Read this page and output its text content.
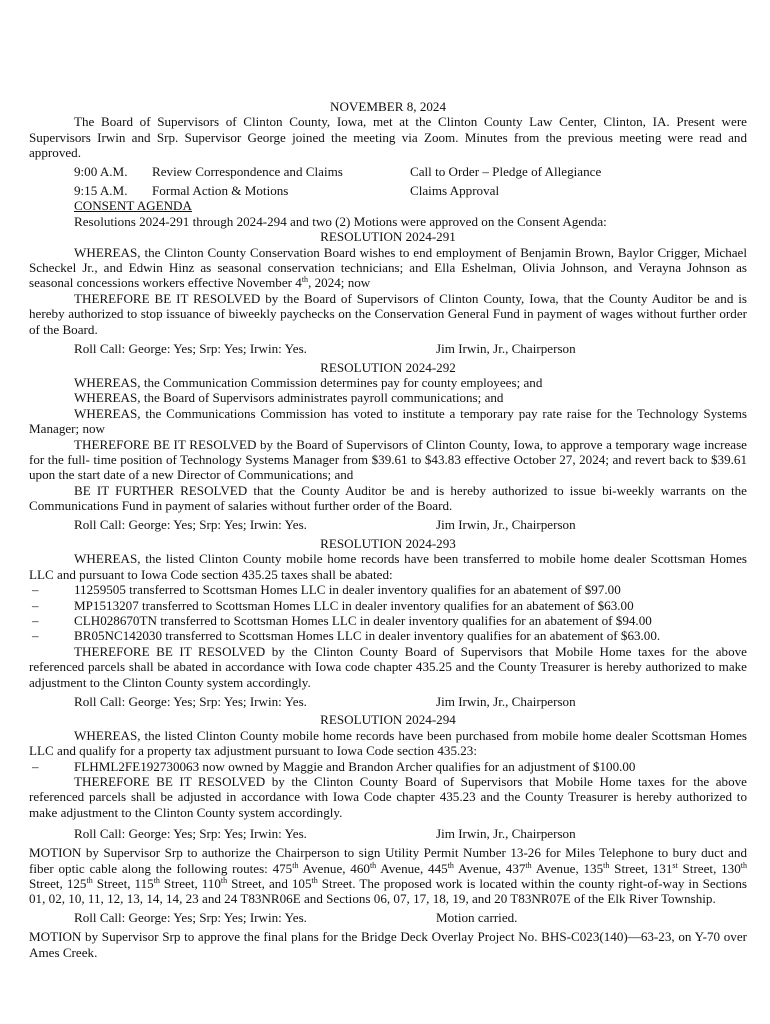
NOVEMBER 8, 2024

The Board of Supervisors of Clinton County, Iowa, met at the Clinton County Law Center, Clinton, IA. Present were Supervisors Irwin and Srp. Supervisor George joined the meeting via Zoom. Minutes from the previous meeting were read and approved.

9:00 A.M.	Review Correspondence and Claims	Call to Order – Pledge of Allegiance
9:15 A.M.	Formal Action & Motions	Claims Approval

CONSENT AGENDA

Resolutions 2024-291 through 2024-294 and two (2) Motions were approved on the Consent Agenda:

RESOLUTION 2024-291

WHEREAS, the Clinton County Conservation Board wishes to end employment of Benjamin Brown, Baylor Crigger, Michael Scheckel Jr., and Edwin Hinz as seasonal conservation technicians; and Ella Eshelman, Olivia Johnson, and Verayna Johnson as seasonal concessions workers effective November 4th, 2024; now

THEREFORE BE IT RESOLVED by the Board of Supervisors of Clinton County, Iowa, that the County Auditor be and is hereby authorized to stop issuance of biweekly paychecks on the Conservation General Fund in payment of wages without further order of the Board.

Roll Call: George: Yes; Srp: Yes; Irwin: Yes.	Jim Irwin, Jr., Chairperson

RESOLUTION 2024-292

WHEREAS, the Communication Commission determines pay for county employees; and

WHEREAS, the Board of Supervisors administrates payroll communications; and

WHEREAS, the Communications Commission has voted to institute a temporary pay rate raise for the Technology Systems Manager; now

THEREFORE BE IT RESOLVED by the Board of Supervisors of Clinton County, Iowa, to approve a temporary wage increase for the full- time position of Technology Systems Manager from $39.61 to $43.83 effective October 27, 2024; and revert back to $39.61 upon the start date of a new Director of Communications; and

BE IT FURTHER RESOLVED that the County Auditor be and is hereby authorized to issue bi-weekly warrants on the Communications Fund in payment of salaries without further order of the Board.

Roll Call: George: Yes; Srp: Yes; Irwin: Yes.	Jim Irwin, Jr., Chairperson

RESOLUTION 2024-293

WHEREAS, the listed Clinton County mobile home records have been transferred to mobile home dealer Scottsman Homes LLC and pursuant to Iowa Code section 435.25 taxes shall be abated:

– 11259505 transferred to Scottsman Homes LLC in dealer inventory qualifies for an abatement of $97.00
– MP1513207 transferred to Scottsman Homes LLC in dealer inventory qualifies for an abatement of $63.00
– CLH028670TN transferred to Scottsman Homes LLC in dealer inventory qualifies for an abatement of $94.00
– BR05NC142030 transferred to Scottsman Homes LLC in dealer inventory qualifies for an abatement of $63.00.

THEREFORE BE IT RESOLVED by the Clinton County Board of Supervisors that Mobile Home taxes for the above referenced parcels shall be abated in accordance with Iowa code chapter 435.25 and the County Treasurer is hereby authorized to make adjustment to the Clinton County system accordingly.

Roll Call: George: Yes; Srp: Yes; Irwin: Yes.	Jim Irwin, Jr., Chairperson

RESOLUTION 2024-294

WHEREAS, the listed Clinton County mobile home records have been purchased from mobile home dealer Scottsman Homes LLC and qualify for a property tax adjustment pursuant to Iowa Code section 435.23:

– FLHML2FE192730063 now owned by Maggie and Brandon Archer qualifies for an adjustment of $100.00

THEREFORE BE IT RESOLVED by the Clinton County Board of Supervisors that Mobile Home taxes for the above referenced parcels shall be adjusted in accordance with Iowa Code chapter 435.23 and the County Treasurer is hereby authorized to make adjustment to the Clinton County system accordingly.

Roll Call: George: Yes; Srp: Yes; Irwin: Yes.	Jim Irwin, Jr., Chairperson

MOTION by Supervisor Srp to authorize the Chairperson to sign Utility Permit Number 13-26 for Miles Telephone to bury duct and fiber optic cable along the following routes: 475th Avenue, 460th Avenue, 445th Avenue, 437th Avenue, 135th Street, 131st Street, 130th Street, 125th Street, 115th Street, 110th Street, and 105th Street. The proposed work is located within the county right-of-way in Sections 01, 02, 10, 11, 12, 13, 14, 14, 23 and 24 T83NR06E and Sections 06, 07, 17, 18, 19, and 20 T83NR07E of the Elk River Township.

Roll Call: George: Yes; Srp: Yes; Irwin: Yes.	Motion carried.

MOTION by Supervisor Srp to approve the final plans for the Bridge Deck Overlay Project No. BHS-C023(140)—63-23, on Y-70 over Ames Creek.
